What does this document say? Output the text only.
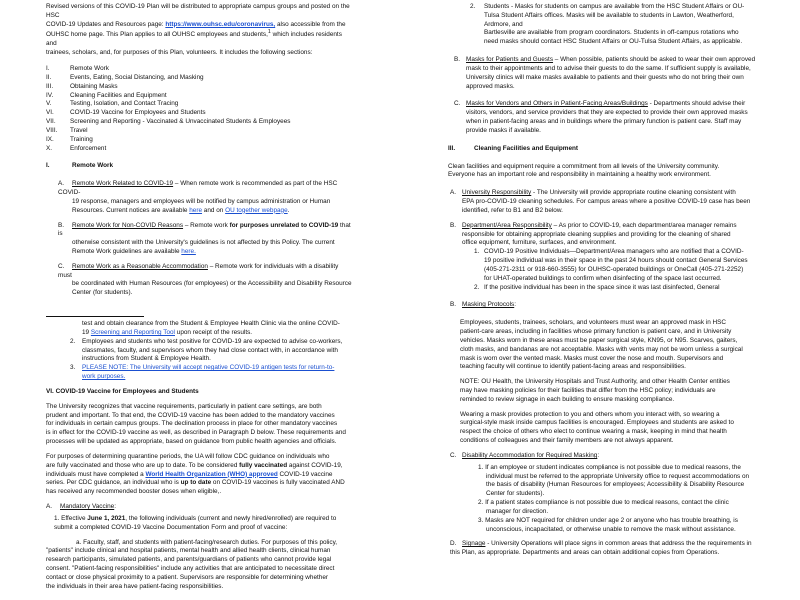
Revised versions of this COVID-19 Plan will be distributed to appropriate campus groups and posted on the HSC

COVID-19 Updates and Resources page: https://www.ouhsc.edu/coronavirus, also accessible from the

OUHSC home page. This Plan applies to all OUHSC employees and students,$^1$ which includes residents and

trainees, scholars, and, for purposes of this Plan, volunteers. It includes the following sections:

I.	Remote Work
II.	Events, Eating, Social Distancing, and Masking
III.	Obtaining Masks
IV.	Cleaning Facilities and Equipment
V.	Testing, Isolation, and Contact Tracing
VI.	COVID-19 Vaccine for Employees and Students
VII.	Screening and Reporting - Vaccinated & Unvaccinated Students & Employees
VIII.	Travel
IX.	Training
X.	Enforcement
I.	Remote Work

A. Remote Work Related to COVID-19 – When remote work is recommended as part of the HSC COVID-

19 response, managers and employees will be notified by campus administration or Human

Resources. Current notices are available here and on OU together webpage.

B. Remote Work for Non-COVID Reasons – Remote work for purposes unrelated to COVID-19 that is

otherwise consistent with the University's guidelines is not affected by this Policy. The current

Remote Work guidelines are available here.

C. Remote Work as a Reasonable Accommodation – Remote work for individuals with a disability must

be coordinated with Human Resources (for employees) or the Accessibility and Disability Resource

Center (for students).

test and obtain clearance from the Student & Employee Health Clinic via the online COVID-

19 Screening and Reporting Tool upon receipt of the results.

2.	Employees and students who test positive for COVID-19 are expected to advise co-workers,

classmates, faculty, and supervisors whom they had close contact with, in accordance with

instructions from Student & Employee Health.

3.	PLEASE NOTE: The University will accept negative COVID-19 antigen tests for return-to-

work purposes.

VI. COVID-19 Vaccine for Employees and Students

The University recognizes that vaccine requirements, particularly in patient care settings, are both

prudent and important. To that end, the COVID-19 vaccine has been added to the mandatory vaccines

for individuals in certain campus groups. The declination process in place for other mandatory vaccines

is in effect for the COVID-19 vaccine as well, as described in Paragraph D below. These requirements and

processes will be updated as appropriate, based on guidance from public health agencies and officials.

For purposes of determining quarantine periods, the UA will follow CDC guidance on individuals who

are fully vaccinated and those who are up to date. To be considered fully vaccinated against COVID-19,

individuals must have completed a World Health Organization (WHO) approved COVID-19 vaccine

series. Per CDC guidance, an individual who is up to date on COVID-19 vaccines is fully vaccinated AND

has received any recommended booster doses when eligible,.

A. Mandatory Vaccine:

1. Effective June 1, 2021, the following individuals (current and newly hired/enrolled) are required to

submit a completed COVID-19 Vaccine Documentation Form and proof of vaccine:

a. Faculty, staff, and students with patient-facing/research duties. For purposes of this policy,

"patients" include clinical and hospital patients, mental health and allied health clients, clinical human

research participants, simulated patients, and parents/guardians of patients who cannot provide legal

consent. "Patient-facing responsibilities" include any activities that are anticipated to necessitate direct

contact or close physical proximity to a patient. Supervisors are responsible for determining whether

the individuals in their area have patient-facing responsibilities.

2.	Students - Masks for students on campus are available from the HSC Student Affairs or OU-

Tulsa Student Affairs offices. Masks will be available to students in Lawton, Weatherford, Ardmore, and

Bartlesville are available from program coordinators. Students in off-campus rotations who

need masks should contact HSC Student Affairs or OU-Tulsa Student Affairs, as applicable.

B. Masks for Patients and Guests – When possible, patients should be asked to wear their own approved

mask to their appointments and to advise their guests to do the same. If sufficient supply is available,

University clinics will make masks available to patients and their guests who do not bring their own

approved masks.

C. Masks for Vendors and Others in Patient-Facing Areas/Buildings - Departments should advise their

visitors, vendors, and service providers that they are expected to provide their own approved masks

when in patient-facing areas and in buildings where the primary function is patient care. Staff may

provide masks if available.

III.	Cleaning Facilities and Equipment

Clean facilities and equipment require a commitment from all levels of the University community.

Everyone has an important role and responsibility in maintaining a healthy work environment.

A. University Responsibility - The University will provide appropriate routine cleaning consistent with

EPA pro-COVID-19 cleaning schedules. For campus areas where a positive COVID-19 case has been

identified, refer to B1 and B2 below.

B. Department/Area Responsibility – As prior to COVID-19, each department/area manager remains

responsible for obtaining appropriate cleaning supplies and providing for the cleaning of shared

office equipment, furniture, surfaces, and environment.

1. COVID-19 Positive Individuals—Department/Area managers who are notified that a COVID-

19 positive individual was in their space in the past 24 hours should contact General Services

(405-271-2311 or 918-660-3555) for OUHSC-operated buildings or OneCall (405-271-2252)

for UHAT-operated buildings to confirm when disinfecting of the space last occurred.

2. If the positive individual has been in the space since it was last disinfected, General

B. Masking Protocols:

Employees, students, trainees, scholars, and volunteers must wear an approved mask in HSC

patient-care areas, including in facilities whose primary function is patient care, and in University

vehicles. Masks worn in these areas must be paper surgical style, KN95, or N95. Scarves, gaiters,

cloth masks, and bandanas are not acceptable. Masks with vents may not be worn unless a surgical

mask is worn over the vented mask. Masks must cover the nose and mouth. Supervisors and

teaching faculty will continue to identify patient-facing areas and responsibilities.

NOTE: OU Health, the University Hospitals and Trust Authority, and other Health Center entities

may have masking policies for their facilities that differ from the HSC policy; individuals are

reminded to review signage in each building to ensure masking compliance.

Wearing a mask provides protection to you and others whom you interact with, so wearing a

surgical-style mask inside campus facilities is encouraged. Employees and students are asked to

respect the choice of others who elect to continue wearing a mask, keeping in mind that health

conditions of colleagues and their family members are not always apparent.

C. Disability Accommodation for Required Masking:

1. If an employee or student indicates compliance is not possible due to medical reasons, the

individual must be referred to the appropriate University office to request accommodations on

the basis of disability (Human Resources for employees; Accessibility & Disability Resource

Center for students).

2. If a patient states compliance is not possible due to medical reasons, contact the clinic

manager for direction.

3. Masks are NOT required for children under age 2 or anyone who has trouble breathing, is

unconscious, incapacitated, or otherwise unable to remove the mask without assistance.

D. Signage - University Operations will place signs in common areas that address the the requirements in

this Plan, as appropriate. Departments and areas can obtain additional copies from Operations.
